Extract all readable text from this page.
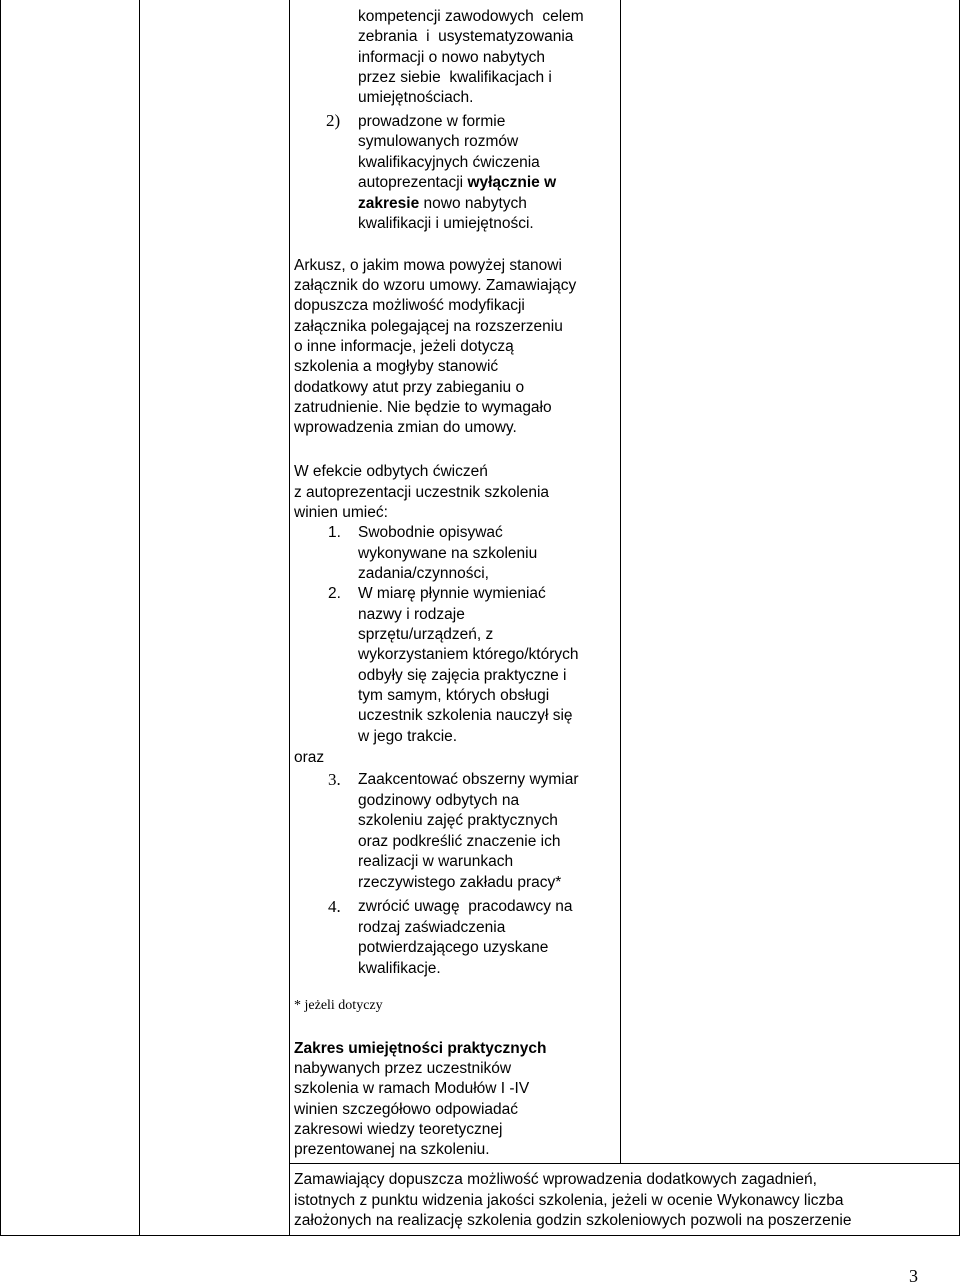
kompetencji zawodowych  celem
zebrania  i  usystematyzowania
informacji o nowo nabytych
przez siebie  kwalifikacjach i
umiejętnościach.
2) prowadzone w formie
symulowanych rozmów
kwalifikacyjnych ćwiczenia
autoprezentacji wyłącznie w
zakresie nowo nabytych
kwalifikacji i umiejętności.
Arkusz, o jakim mowa powyżej stanowi
załącznik do wzoru umowy. Zamawiający
dopuszcza możliwość modyfikacji
załącznika polegającej na rozszerzeniu
o inne informacje, jeżeli dotyczą
szkolenia a mogłyby stanowić
dodatkowy atut przy zabieganiu o
zatrudnienie. Nie będzie to wymagało
wprowadzenia zmian do umowy.
W efekcie odbytych ćwiczeń
z autoprezentacji uczestnik szkolenia
winien umieć:
1. Swobodnie opisywać
wykonywane na szkoleniu
zadania/czynności,
2. W miarę płynnie wymieniać
nazwy i rodzaje
sprzętu/urządzeń, z
wykorzystaniem którego/których
odbyły się zajęcia praktyczne i
tym samym, których obsługi
uczestnik szkolenia nauczył się
w jego trakcie.
oraz
3. Zaakcentować obszerny wymiar
godzinowy odbytych na
szkoleniu zajęć praktycznych
oraz podkreślić znaczenie ich
realizacji w warunkach
rzeczywistego zakładu pracy*
4. zwrócić uwagę  pracodawcy na
rodzaj zaświadczenia
potwierdzającego uzyskane
kwalifikacje.
* jeżeli dotyczy
Zakres umiejętności praktycznych
nabywanych przez uczestników
szkolenia w ramach Modułów I -IV
winien szczegółowo odpowiadać
zakresowi wiedzy teoretycznej
prezentowanej na szkoleniu.
Zamawiający dopuszcza możliwość wprowadzenia dodatkowych zagadnień,
istotnych z punktu widzenia jakości szkolenia, jeżeli w ocenie Wykonawcy liczba
założonych na realizację szkolenia godzin szkoleniowych pozwoli na poszerzenie
3
